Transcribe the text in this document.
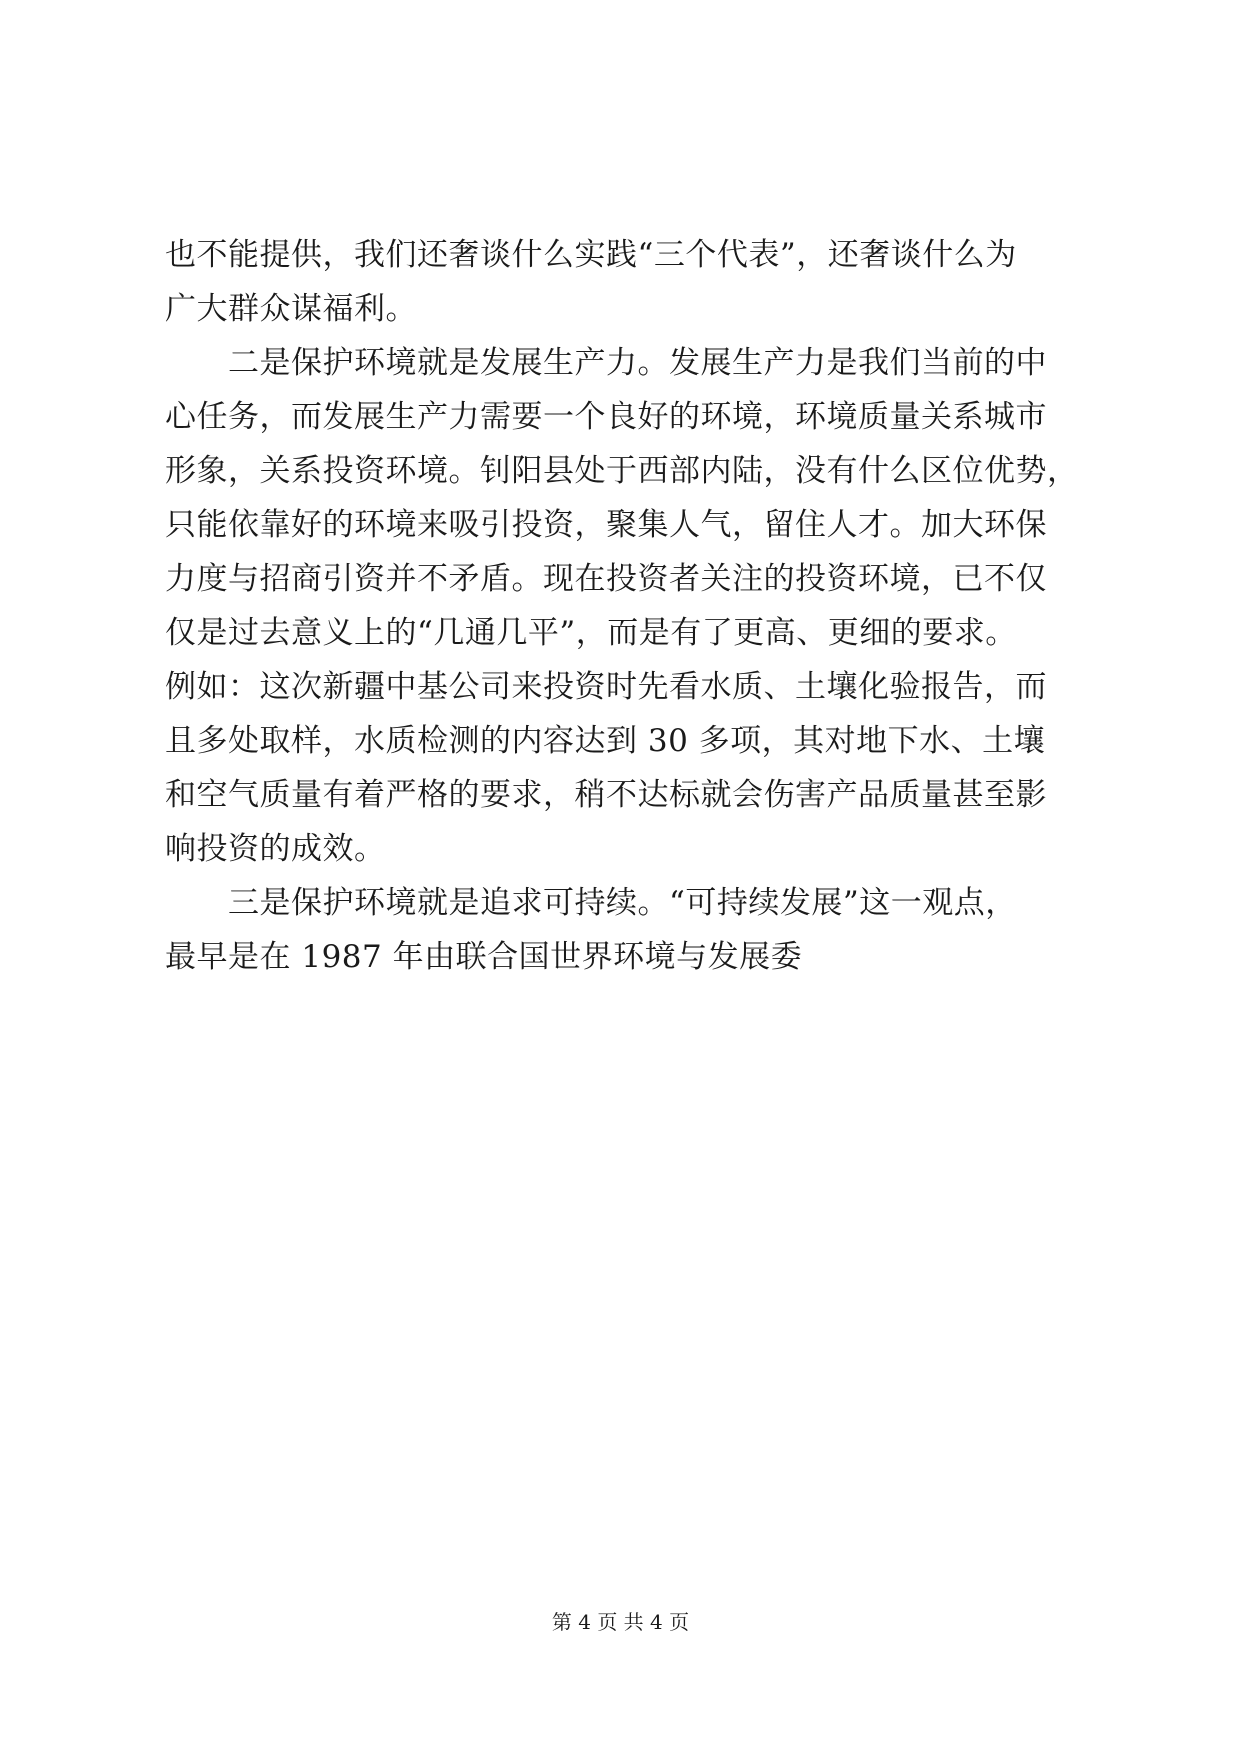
也不能提供，我们还奢谈什么实践“三个代表”，还奢谈什么为
广大群众谋福利。
　　二是保护环境就是发展生产力。发展生产力是我们当前的中
心任务，而发展生产力需要一个良好的环境，环境质量关系城市
形象，关系投资环境。钊阳县处于西部内陆，没有什么区位优势，
只能依靠好的环境来吸引投资，聚集人气，留住人才。加大环保
力度与招商引资并不矛盾。现在投资者关注的投资环境，已不仅
仅是过去意义上的“几通几平”，而是有了更高、更细的要求。
例如：这次新疆中基公司来投资时先看水质、土壤化验报告，而
且多处取样，水质检测的内容达到 30 多项，其对地下水、土壤
和空气质量有着严格的要求，稍不达标就会伤害产品质量甚至影
响投资的成效。
　　三是保护环境就是追求可持续。“可持续发展”这一观点，
最早是在 1987 年由联合国世界环境与发展委
第 4 页 共 4 页
